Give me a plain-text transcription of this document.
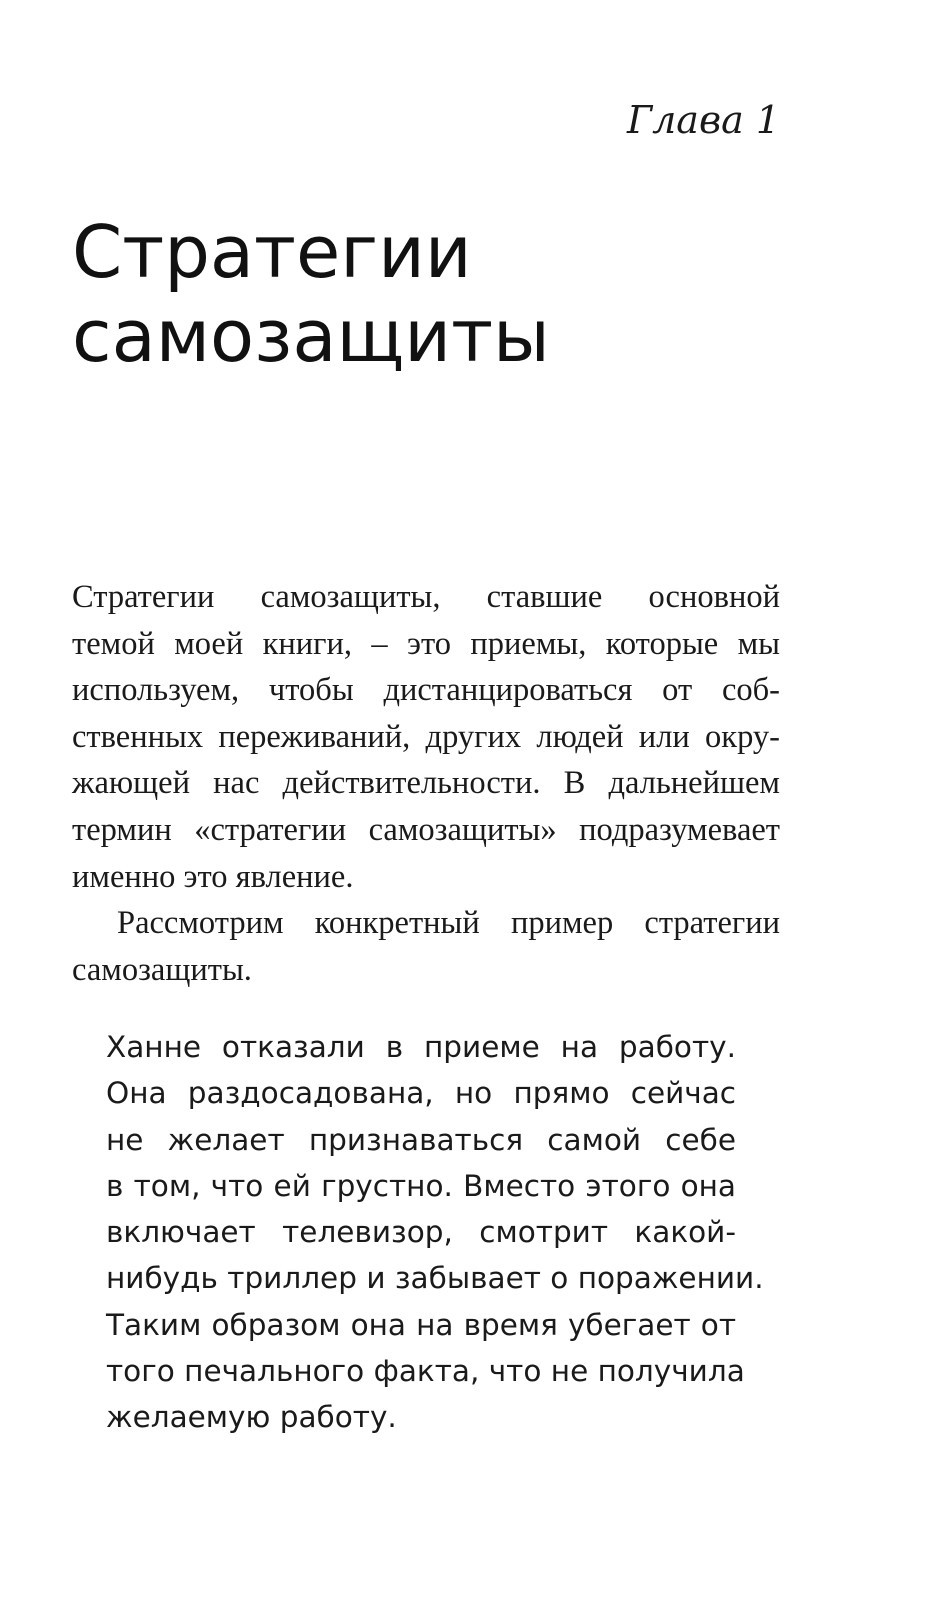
Глава 1
Стратегии
самозащиты
Стратегии самозащиты, ставшие основной
темой моей книги, – это приемы, которые мы
используем, чтобы дистанцироваться от соб-
ственных переживаний, других людей или окру-
жающей нас действительности. В дальнейшем
термин «стратегии самозащиты» подразумевает
именно это явление.
Рассмотрим конкретный пример стратегии
самозащиты.
Ханне отказали в приеме на работу.
Она раздосадована, но прямо сейчас
не желает признаваться самой себе
в том, что ей грустно. Вместо этого она
включает телевизор, смотрит какой-
нибудь триллер и забывает о поражении.
Таким образом она на время убегает от
того печального факта, что не получила
желаемую работу.
